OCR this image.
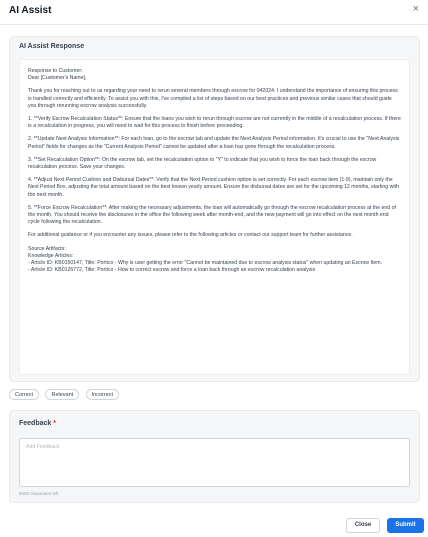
AI Assist	×
AI Assist Response

Response to Customer:
Dear [Customer's Name],

Thank you for reaching out to us regarding your need to rerun several members through escrow for 042024. I understand the importance of ensuring this process is handled correctly and efficiently. To assist you with this, I've compiled a list of steps based on our best practices and previous similar cases that should guide you through rerunning escrow analysis successfully.

1. **Verify Escrow Recalculation Status**: Ensure that the loans you wish to rerun through escrow are not currently in the middle of a recalculation process. If there is a recalculation in progress, you will need to wait for this process to finish before proceeding.

2. **Update Next Analysis Information**: For each loan, go to the escrow tab and update the Next Analysis Period information. It's crucial to use the "Next Analysis Period" fields for changes as the "Current Analysis Period" cannot be updated after a loan has gone through the recalculation process.

3. **Set Recalculation Option**: On the escrow tab, set the recalculation option to "Y" to indicate that you wish to force the loan back through the escrow recalculation process. Save your changes.

4. **Adjust Next Period Cushion and Disbursal Dates**: Verify that the Next Period cushion option is set correctly. For each escrow item (1-9), maintain only the Next Period Box, adjusting the total amount based on the best known yearly amount. Ensure the disbursal dates are set for the upcoming 12 months, starting with the next month.

5. **Force Escrow Recalculation**: After making the necessary adjustments, the loan will automatically go through the escrow recalculation process at the end of the month. You should receive the disclosures in the office the following week after month-end, and the new payment will go into effect on the next month end cycle following the recalculation.

For additional guidance or if you encounter any issues, please refer to the following articles or contact our support team for further assistance.

Source Artifacts:
Knowledge Articles:
- Article ID: KB0150147, Title: Portico - Why is user getting the error "Cannot be maintained due to escrow analysis status" when updating an Escrow Item.
- Article ID: KB0126772, Title: Portico - How to correct escrow and force a loan back through an escrow recalculation analysis

Correct	Relevant	Incorrect
Feedback *
Add Feedback
8000 characters left.
Close	Submit
